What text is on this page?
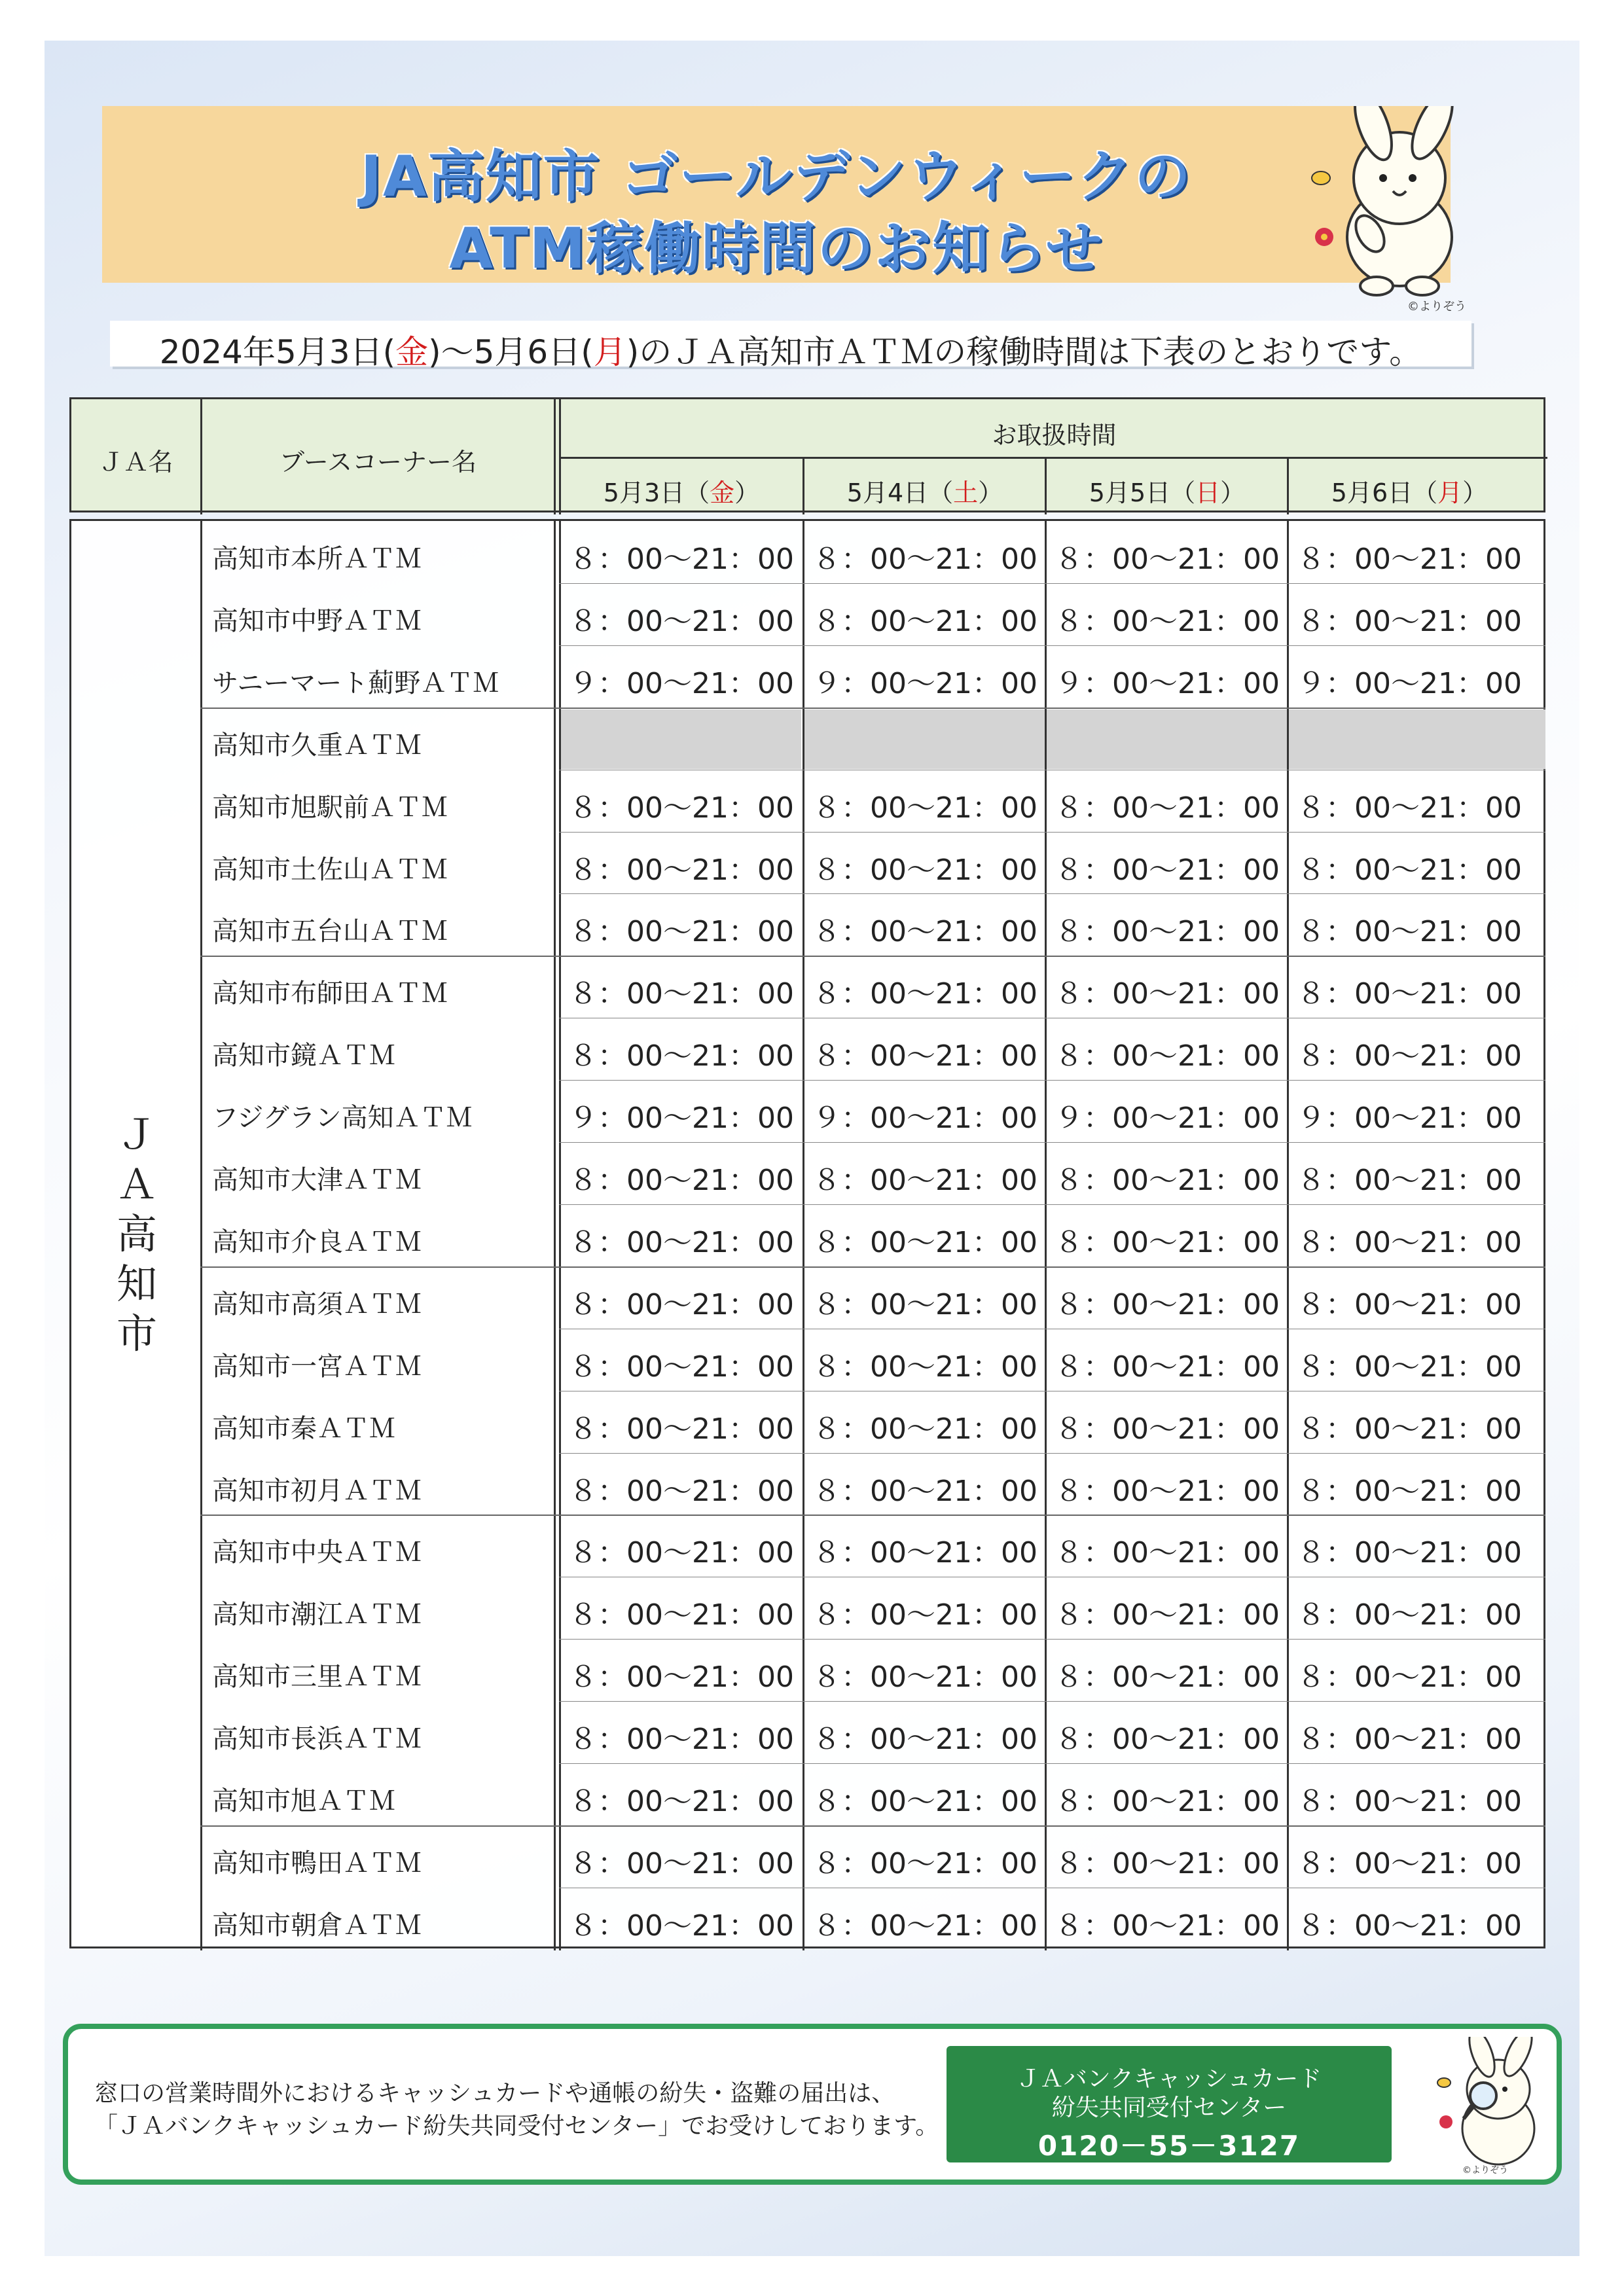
JA高知市 ゴールデンウィークの
ATM稼働時間のお知らせ
©よりぞう
2024年5月3日(金)～5月6日(月)のＪＡ高知市ＡＴＭの稼働時間は下表のとおりです。
ＪＡ名	ブースコーナー名
お取扱時間
5月3日（金）	5月4日（土）	5月5日（日）	5月6日（月）
Ｊ
Ａ
高
知
市
高知市本所ＡＴＭ	８：00～21：00 ８：00～21：00 ８：00～21：00 ８：00～21：00
高知市中野ＡＴＭ	８：00～21：00 ８：00～21：00 ８：00～21：00 ８：00～21：00
サニーマート薊野ＡＴＭ ９：00～21：00 ９：00～21：00 ９：00～21：00 ９：00～21：00
高知市久重ＡＴＭ
高知市旭駅前ＡＴＭ	８：00～21：00 ８：00～21：00 ８：00～21：00 ８：00～21：00
高知市土佐山ＡＴＭ	８：00～21：00 ８：00～21：00 ８：00～21：00 ８：00～21：00
高知市五台山ＡＴＭ	８：00～21：00 ８：00～21：00 ８：00～21：00 ８：00～21：00
高知市布師田ＡＴＭ	８：00～21：00 ８：00～21：00 ８：00～21：00 ８：00～21：00
高知市鏡ＡＴＭ	８：00～21：00 ８：00～21：00 ８：00～21：00 ８：00～21：00
フジグラン高知ＡＴＭ	９：00～21：00 ９：00～21：00 ９：00～21：00 ９：00～21：00
高知市大津ＡＴＭ	８：00～21：00 ８：00～21：00 ８：00～21：00 ８：00～21：00
高知市介良ＡＴＭ	８：00～21：00 ８：00～21：00 ８：00～21：00 ８：00～21：00
高知市高須ＡＴＭ	８：00～21：00 ８：00～21：00 ８：00～21：00 ８：00～21：00
高知市一宮ＡＴＭ	８：00～21：00 ８：00～21：00 ８：00～21：00 ８：00～21：00
高知市秦ＡＴＭ	８：00～21：00 ８：00～21：00 ８：00～21：00 ８：00～21：00
高知市初月ＡＴＭ	８：00～21：00 ８：00～21：00 ８：00～21：00 ８：00～21：00
高知市中央ＡＴＭ	８：00～21：00 ８：00～21：00 ８：00～21：00 ８：00～21：00
高知市潮江ＡＴＭ	８：00～21：00 ８：00～21：00 ８：00～21：00 ８：00～21：00
高知市三里ＡＴＭ	８：00～21：00 ８：00～21：00 ８：00～21：00 ８：00～21：00
高知市長浜ＡＴＭ	８：00～21：00 ８：00～21：00 ８：00～21：00 ８：00～21：00
高知市旭ＡＴＭ	８：00～21：00 ８：00～21：00 ８：00～21：00 ８：00～21：00
高知市鴨田ＡＴＭ	８：00～21：00 ８：00～21：00 ８：00～21：00 ８：00～21：00
高知市朝倉ＡＴＭ	８：00～21：00 ８：00～21：00 ８：00～21：00 ８：00～21：00
窓口の営業時間外におけるキャッシュカードや通帳の紛失・盗難の届出は、
「ＪＡバンクキャッシュカード紛失共同受付センター」でお受けしております。
ＪＡバンクキャッシュカード
紛失共同受付センター
0120－55－3127
©よりぞう
